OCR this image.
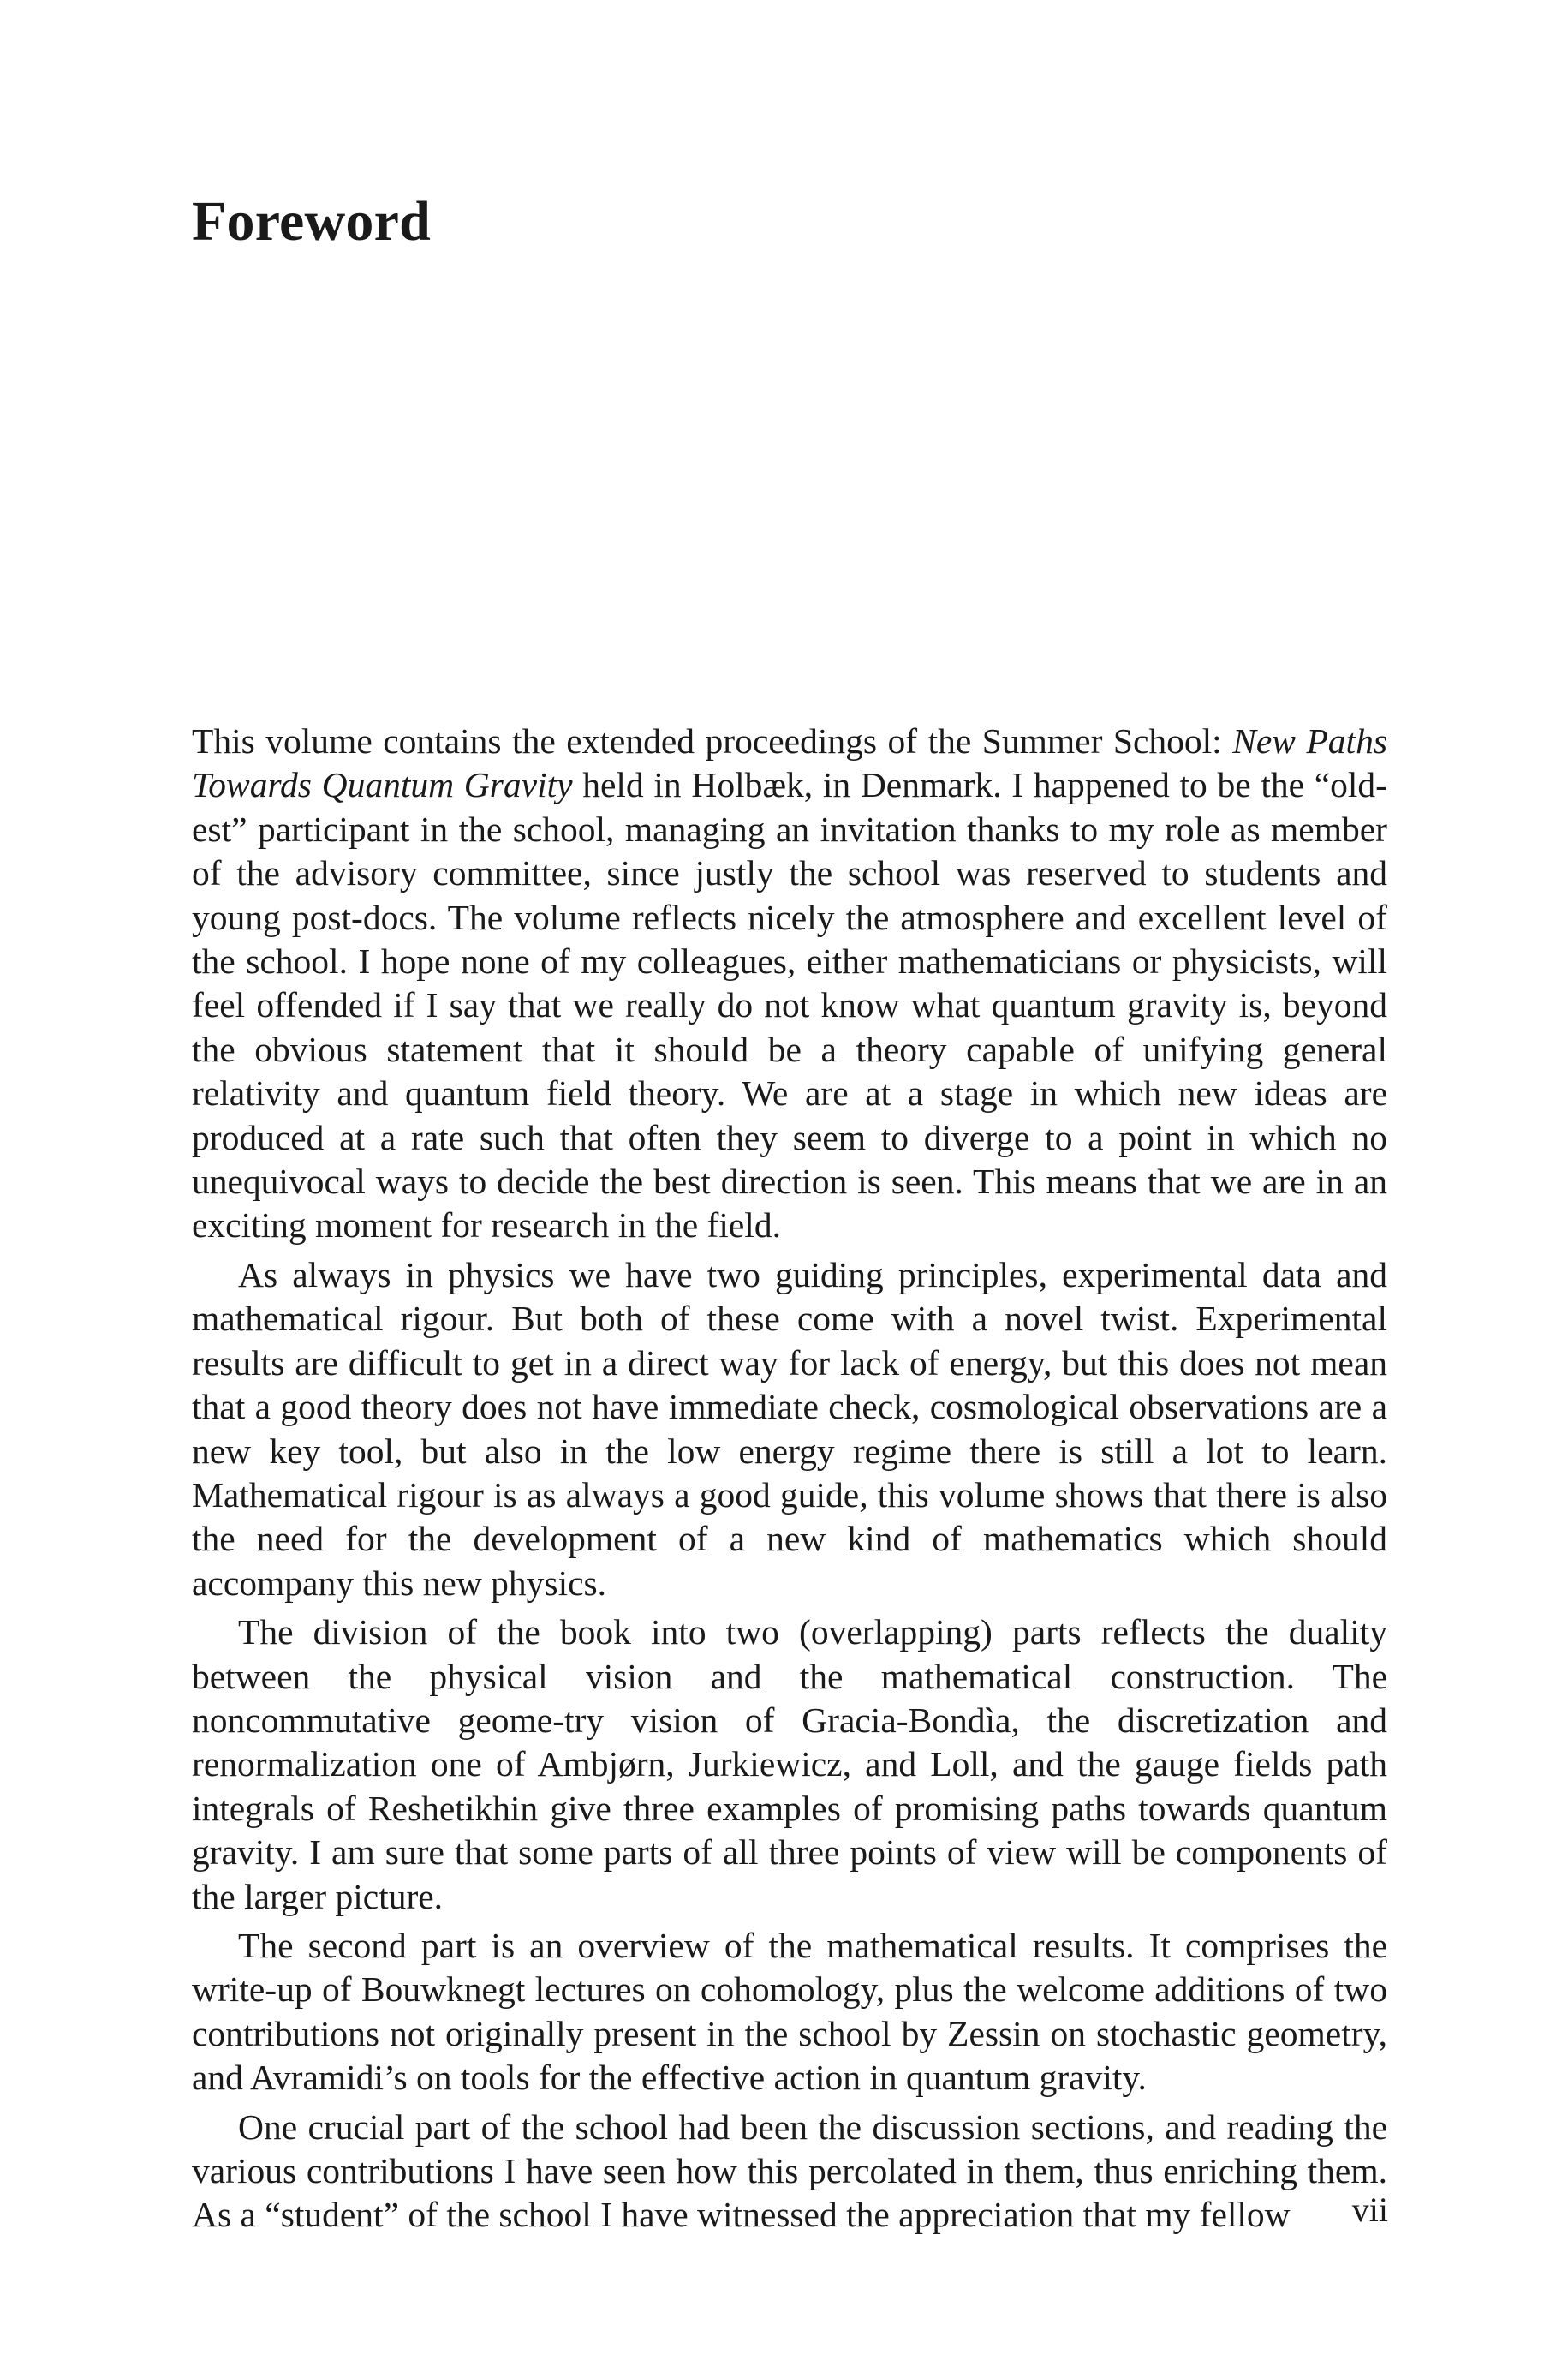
Foreword

This volume contains the extended proceedings of the Summer School: New Paths Towards Quantum Gravity held in Holbæk, in Denmark. I happened to be the “old-est” participant in the school, managing an invitation thanks to my role as member of the advisory committee, since justly the school was reserved to students and young post-docs. The volume reflects nicely the atmosphere and excellent level of the school. I hope none of my colleagues, either mathematicians or physicists, will feel offended if I say that we really do not know what quantum gravity is, beyond the obvious statement that it should be a theory capable of unifying general relativity and quantum field theory. We are at a stage in which new ideas are produced at a rate such that often they seem to diverge to a point in which no unequivocal ways to decide the best direction is seen. This means that we are in an exciting moment for research in the field.

As always in physics we have two guiding principles, experimental data and mathematical rigour. But both of these come with a novel twist. Experimental results are difficult to get in a direct way for lack of energy, but this does not mean that a good theory does not have immediate check, cosmological observations are a new key tool, but also in the low energy regime there is still a lot to learn. Mathematical rigour is as always a good guide, this volume shows that there is also the need for the development of a new kind of mathematics which should accompany this new physics.

The division of the book into two (overlapping) parts reflects the duality between the physical vision and the mathematical construction. The noncommutative geome-try vision of Gracia-Bondìa, the discretization and renormalization one of Ambjørn, Jurkiewicz, and Loll, and the gauge fields path integrals of Reshetikhin give three examples of promising paths towards quantum gravity. I am sure that some parts of all three points of view will be components of the larger picture.

The second part is an overview of the mathematical results. It comprises the write-up of Bouwknegt lectures on cohomology, plus the welcome additions of two contributions not originally present in the school by Zessin on stochastic geometry, and Avramidi’s on tools for the effective action in quantum gravity.

One crucial part of the school had been the discussion sections, and reading the various contributions I have seen how this percolated in them, thus enriching them. As a “student” of the school I have witnessed the appreciation that my fellow	vii
